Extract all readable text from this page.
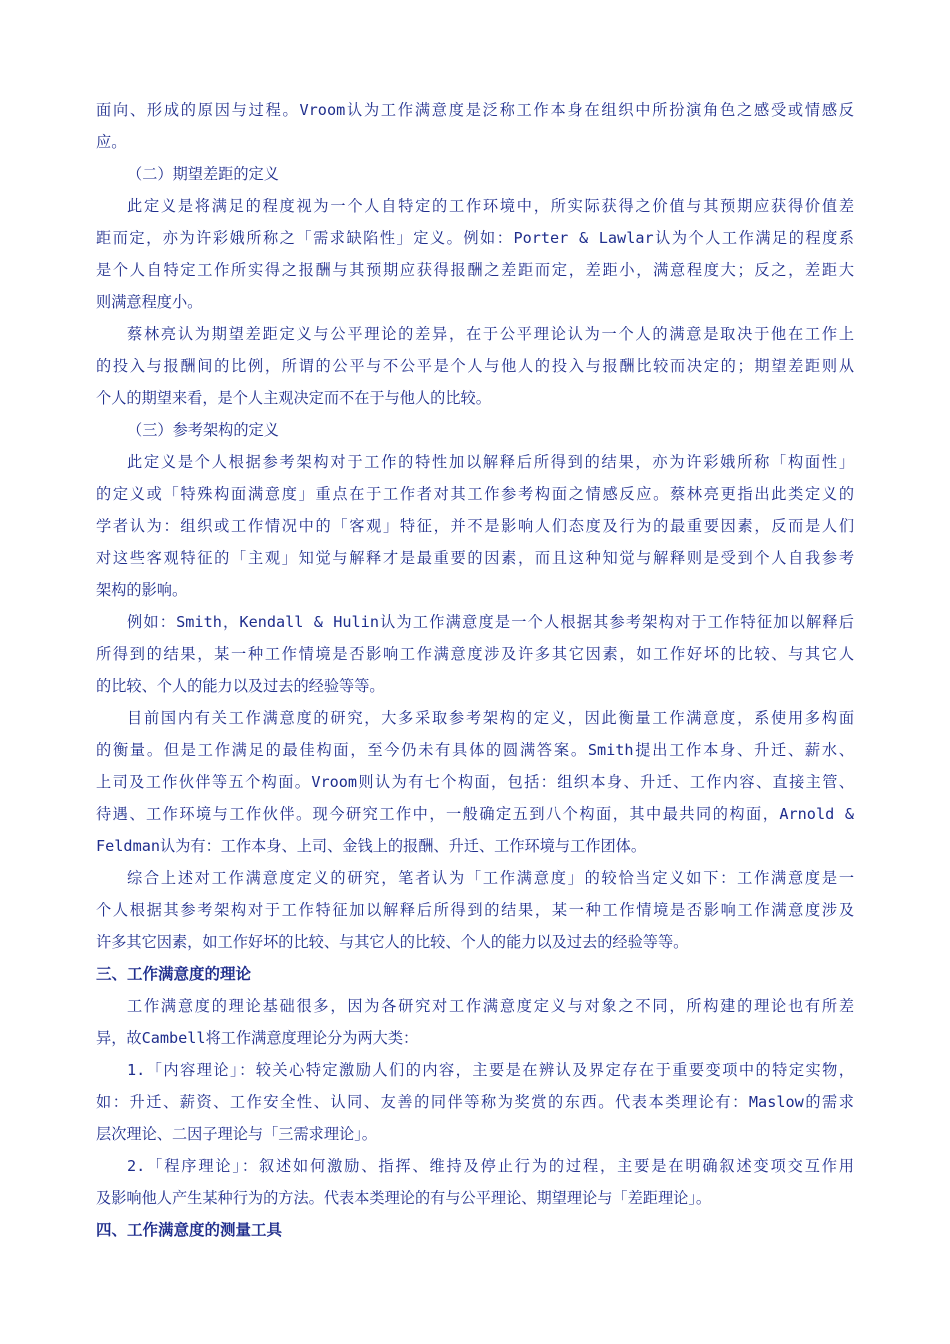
面向、形成的原因与过程。Vroom认为工作满意度是泛称工作本身在组织中所扮演角色之感受或情感反
应。
（二）期望差距的定义
此定义是将满足的程度视为一个人自特定的工作环境中，所实际获得之价值与其预期应获得价值差
距而定，亦为许彩娥所称之「需求缺陷性」定义。例如：Porter & Lawlar认为个人工作满足的程度系
是个人自特定工作所实得之报酬与其预期应获得报酬之差距而定，差距小，满意程度大；反之，差距大
则满意程度小。
蔡林亮认为期望差距定义与公平理论的差异，在于公平理论认为一个人的满意是取决于他在工作上
的投入与报酬间的比例，所谓的公平与不公平是个人与他人的投入与报酬比较而决定的；期望差距则从
个人的期望来看，是个人主观决定而不在于与他人的比较。
（三）参考架构的定义
此定义是个人根据参考架构对于工作的特性加以解释后所得到的结果，亦为许彩娥所称「构面性」
的定义或「特殊构面满意度」重点在于工作者对其工作参考构面之情感反应。蔡林亮更指出此类定义的
学者认为：组织或工作情况中的「客观」特征，并不是影响人们态度及行为的最重要因素，反而是人们
对这些客观特征的「主观」知觉与解释才是最重要的因素，而且这种知觉与解释则是受到个人自我参考
架构的影响。
例如：Smith，Kendall & Hulin认为工作满意度是一个人根据其参考架构对于工作特征加以解释后
所得到的结果，某一种工作情境是否影响工作满意度涉及许多其它因素，如工作好坏的比较、与其它人
的比较、个人的能力以及过去的经验等等。
目前国内有关工作满意度的研究，大多采取参考架构的定义，因此衡量工作满意度，系使用多构面
的衡量。但是工作满足的最佳构面，至今仍未有具体的圆满答案。Smith提出工作本身、升迁、薪水、
上司及工作伙伴等五个构面。Vroom则认为有七个构面，包括：组织本身、升迁、工作内容、直接主管、
待遇、工作环境与工作伙伴。现今研究工作中，一般确定五到八个构面，其中最共同的构面，Arnold &
Feldman认为有：工作本身、上司、金钱上的报酬、升迁、工作环境与工作团体。
综合上述对工作满意度定义的研究，笔者认为「工作满意度」的较恰当定义如下：工作满意度是一
个人根据其参考架构对于工作特征加以解释后所得到的结果，某一种工作情境是否影响工作满意度涉及
许多其它因素，如工作好坏的比较、与其它人的比较、个人的能力以及过去的经验等等。
三、工作满意度的理论
工作满意度的理论基础很多，因为各研究对工作满意度定义与对象之不同，所构建的理论也有所差
异，故Cambell将工作满意度理论分为两大类：
1.「内容理论」：较关心特定激励人们的内容，主要是在辨认及界定存在于重要变项中的特定实物，
如：升迁、薪资、工作安全性、认同、友善的同伴等称为奖赏的东西。代表本类理论有：Maslow的需求
层次理论、二因子理论与「三需求理论」。
2.「程序理论」：叙述如何激励、指挥、维持及停止行为的过程，主要是在明确叙述变项交互作用
及影响他人产生某种行为的方法。代表本类理论的有与公平理论、期望理论与「差距理论」。
四、工作满意度的测量工具
